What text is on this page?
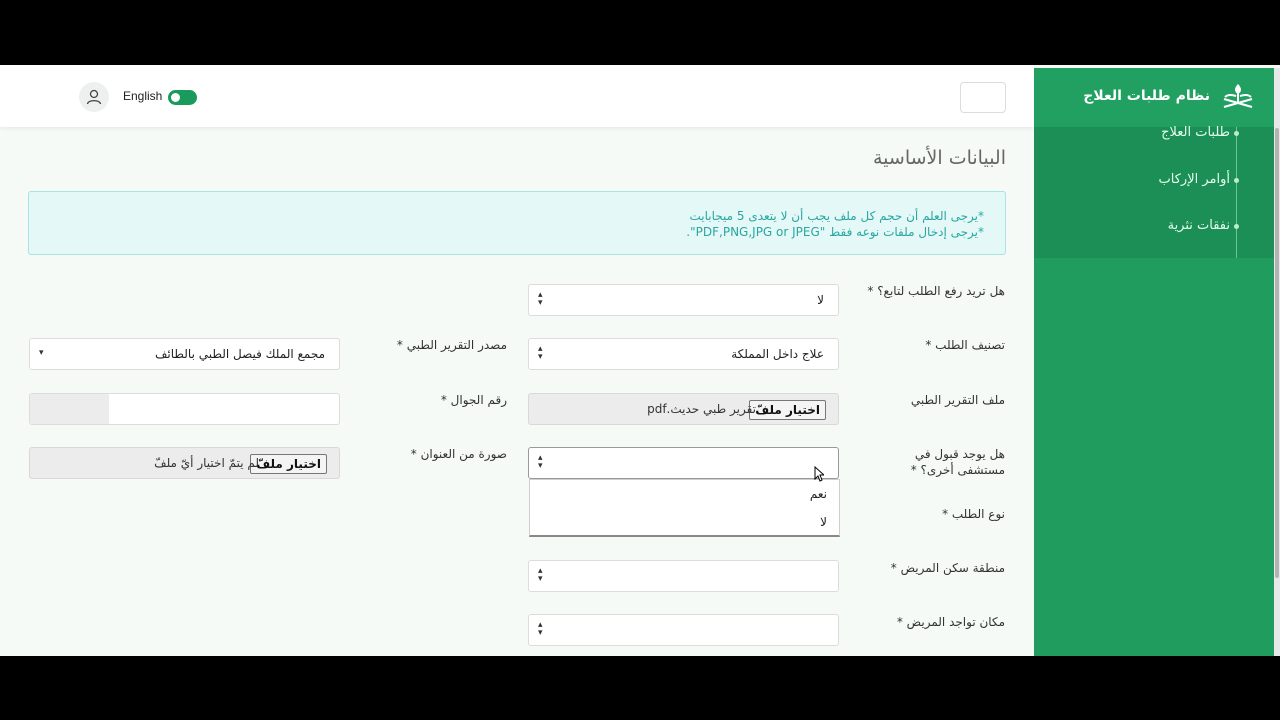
English	نظام طلبات العلاج
طلبات العلاج
أوامر الإركاب
نفقات نثرية
البيانات الأساسية

*يرجى العلم أن حجم كل ملف يجب أن لا يتعدى 5 ميجابايت

*يرجى إدخال ملفات نوعه فقط "PDF,PNG,JPG or JPEG".

هل تريد رفع الطلب لتابع؟ *
لا
▴
▾
تصنيف الطلب *
علاج داخل المملكة
▴
▾
مصدر التقرير الطبي *
مجمع الملك فيصل الطبي بالطائف
▾
ملف التقرير الطبي
اختيار ملفّ
تقرير طبي حديث.pdf
رقم الجوال *
هل يوجد قبول في
مستشفى أخرى؟ *
▴
▾
نعم
لا
صورة من العنوان *
اختيار ملفّ
لم يتمّ اختيار أيّ ملفّ
نوع الطلب *
منطقة سكن المريض *
▴
▾
مكان تواجد المريض *
▴
▾
